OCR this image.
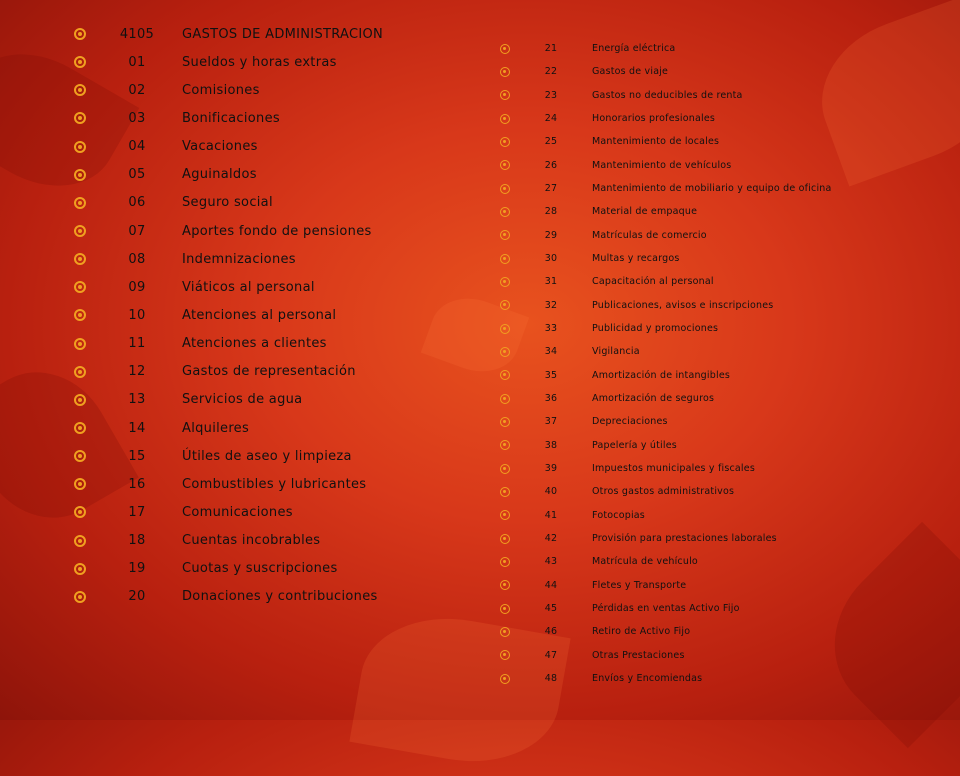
4105	GASTOS DE ADMINISTRACION
01	Sueldos y horas extras
02	Comisiones
03	Bonificaciones
04	Vacaciones
05	Aguinaldos
06	Seguro social
07	Aportes fondo de pensiones
08	Indemnizaciones
09	Viáticos al personal
10	Atenciones al personal
11	Atenciones a clientes
12	Gastos de representación
13	Servicios de agua
14	Alquileres
15	Útiles de aseo y limpieza
16	Combustibles y lubricantes
17	Comunicaciones
18	Cuentas incobrables
19	Cuotas y suscripciones
20	Donaciones y contribuciones
21	Energía eléctrica
22	Gastos de viaje
23	Gastos no deducibles de renta
24	Honorarios profesionales
25	Mantenimiento de locales
26	Mantenimiento de vehículos
27	Mantenimiento de mobiliario y equipo de oficina
28	Material de empaque
29	Matrículas de comercio
30	Multas y recargos
31	Capacitación al personal
32	Publicaciones, avisos e inscripciones
33	Publicidad y promociones
34	Vigilancia
35	Amortización de intangibles
36	Amortización de seguros
37	Depreciaciones
38	Papelería y útiles
39	Impuestos municipales y fiscales
40	Otros gastos administrativos
41	Fotocopias
42	Provisión para prestaciones laborales
43	Matrícula de vehículo
44	Fletes y Transporte
45	Pérdidas en ventas Activo Fijo
46	Retiro de Activo Fijo
47	Otras Prestaciones
48	Envíos y Encomiendas
